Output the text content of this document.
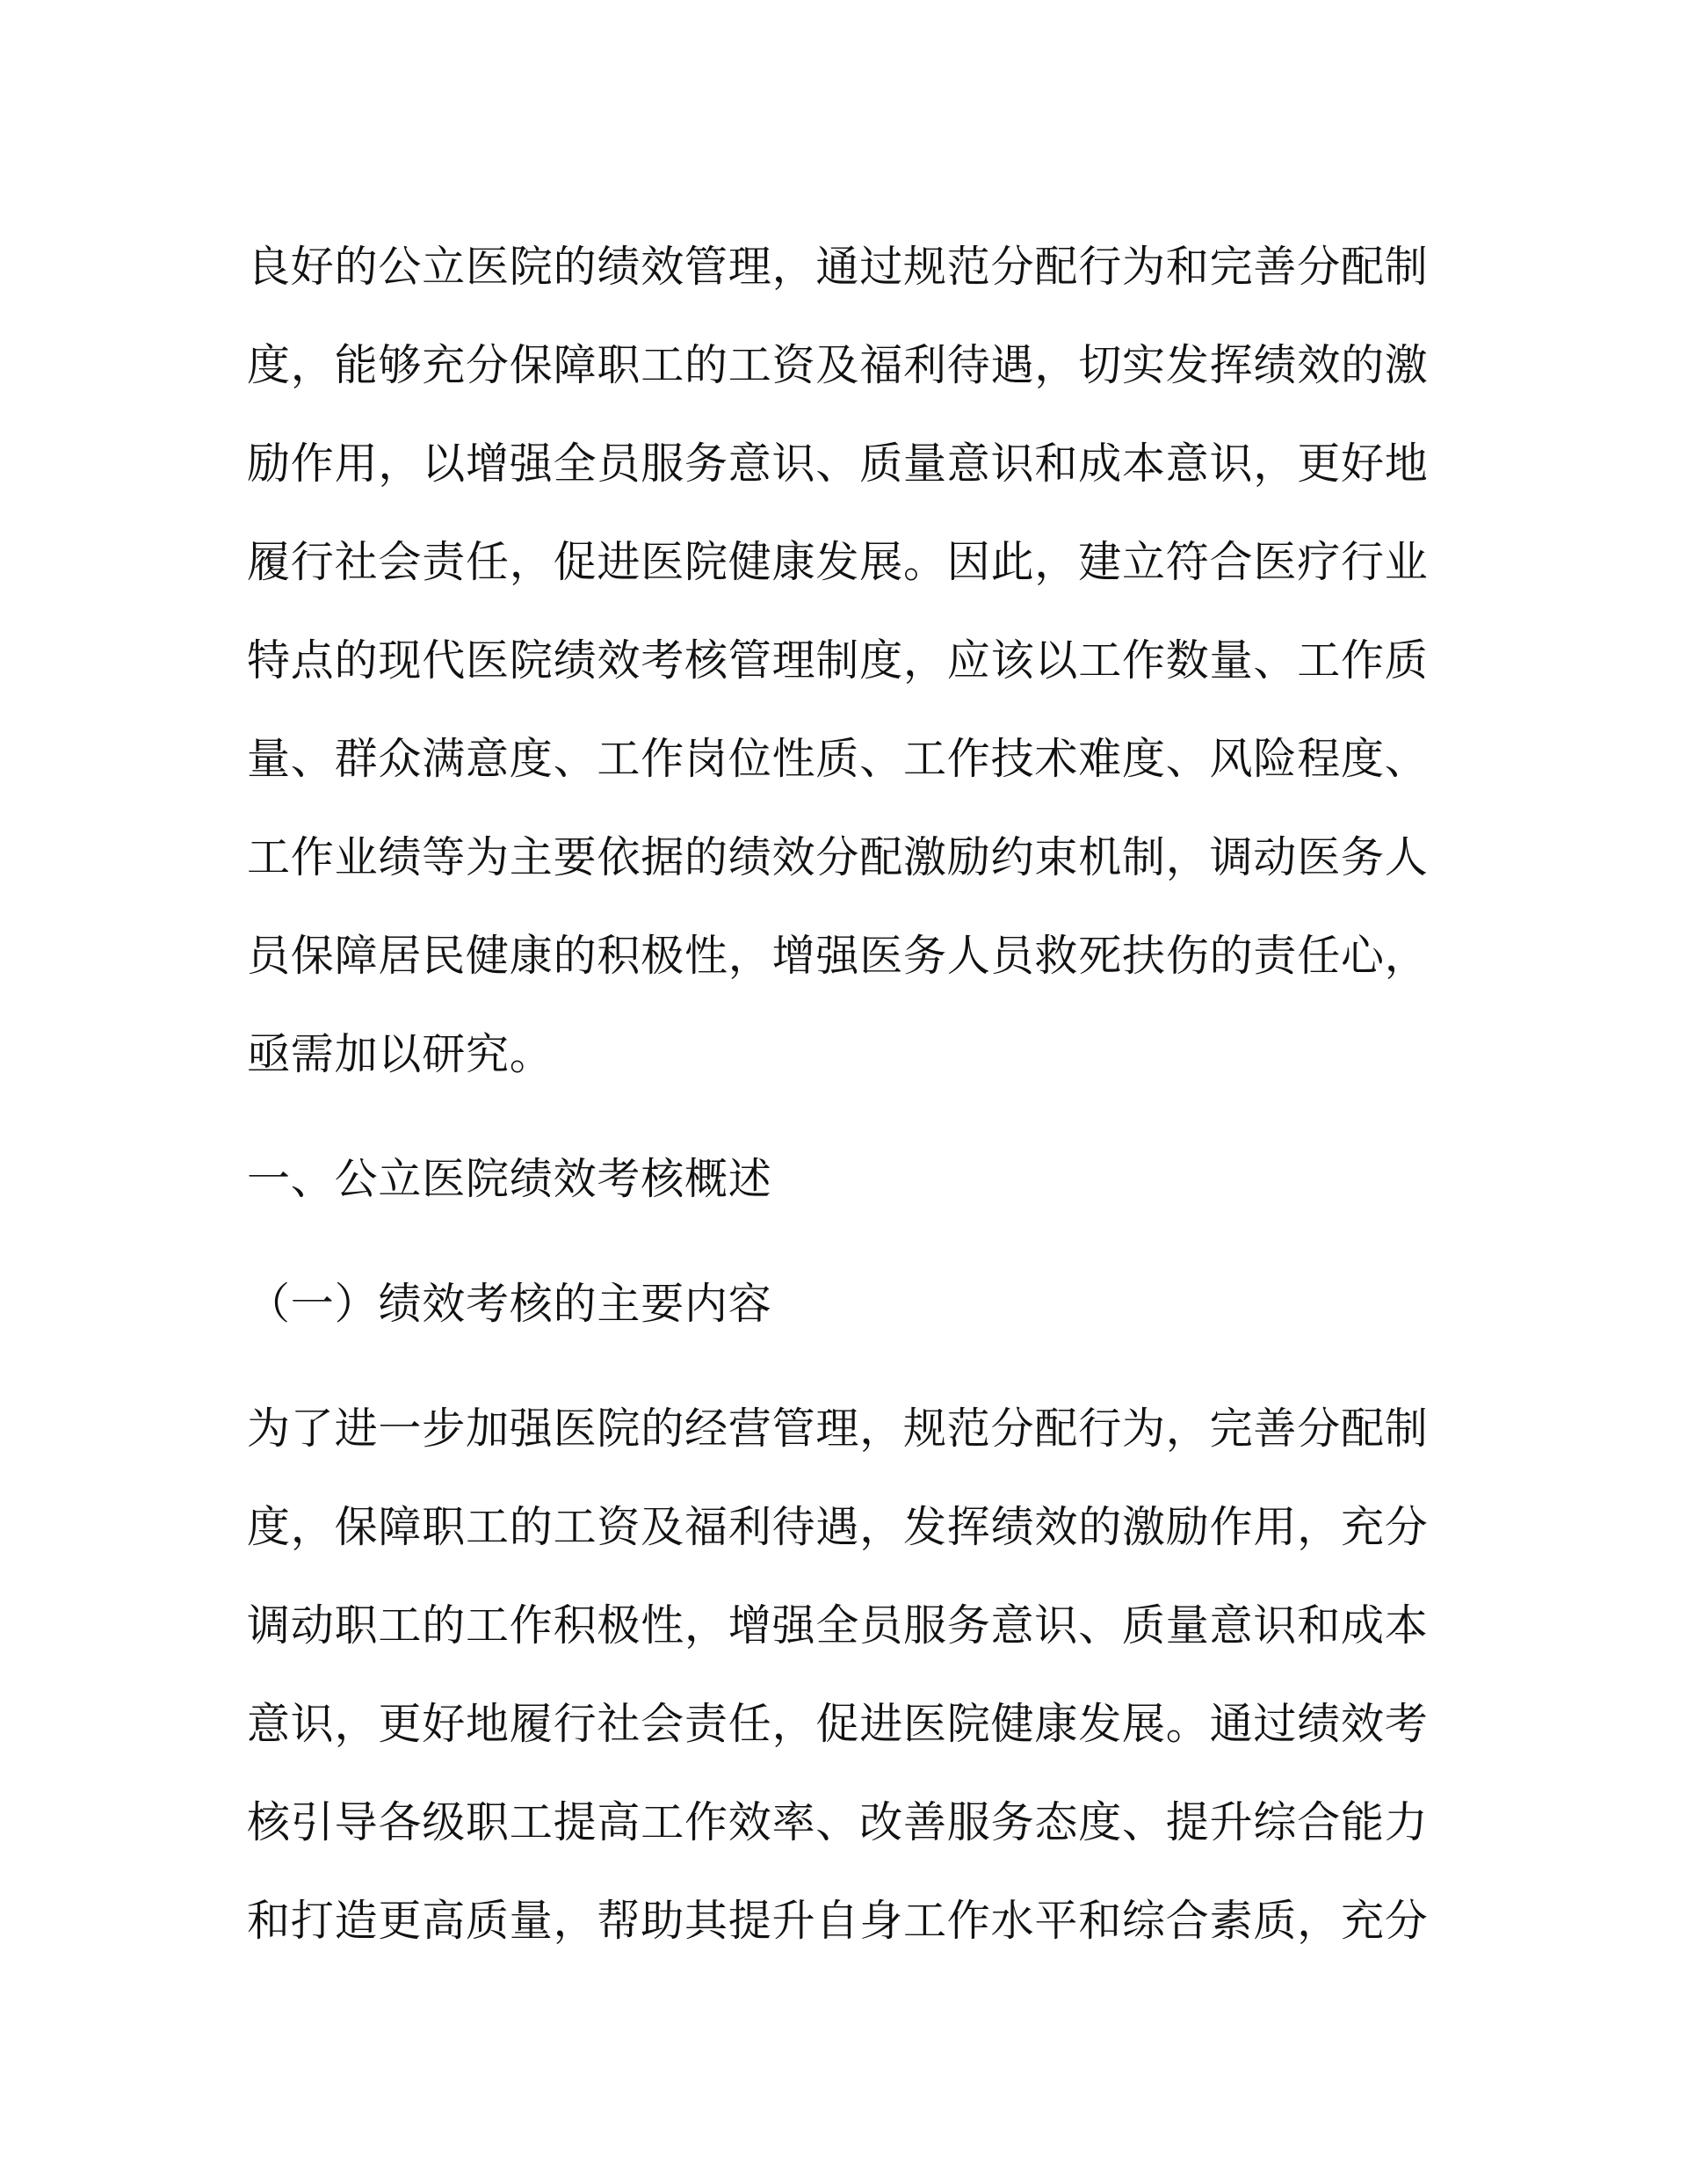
良好的公立医院的绩效管理，通过规范分配行为和完善分配制
度，能够充分保障职工的工资及福利待遇，切实发挥绩效的激
励作用，以增强全员服务意识、质量意识和成本意识，更好地
履行社会责任，促进医院健康发展。因此，建立符合医疗行业
特点的现代医院绩效考核管理制度，应该以工作数量、工作质
量、群众满意度、工作岗位性质、工作技术难度、风险程度、
工作业绩等为主要依据的绩效分配激励约束机制，调动医务人
员保障居民健康的积极性，增强医务人员救死扶伤的责任心，
亟需加以研究。
一、公立医院绩效考核概述
（一）绩效考核的主要内容
为了进一步加强医院的经营管理，规范分配行为，完善分配制
度，保障职工的工资及福利待遇，发挥绩效的激励作用，充分
调动职工的工作积极性，增强全员服务意识、质量意识和成本
意识，更好地履行社会责任，促进医院健康发展。通过绩效考
核引导各级职工提高工作效率、改善服务态度、提升综合能力
和打造更高质量，帮助其提升自身工作水平和综合素质，充分
